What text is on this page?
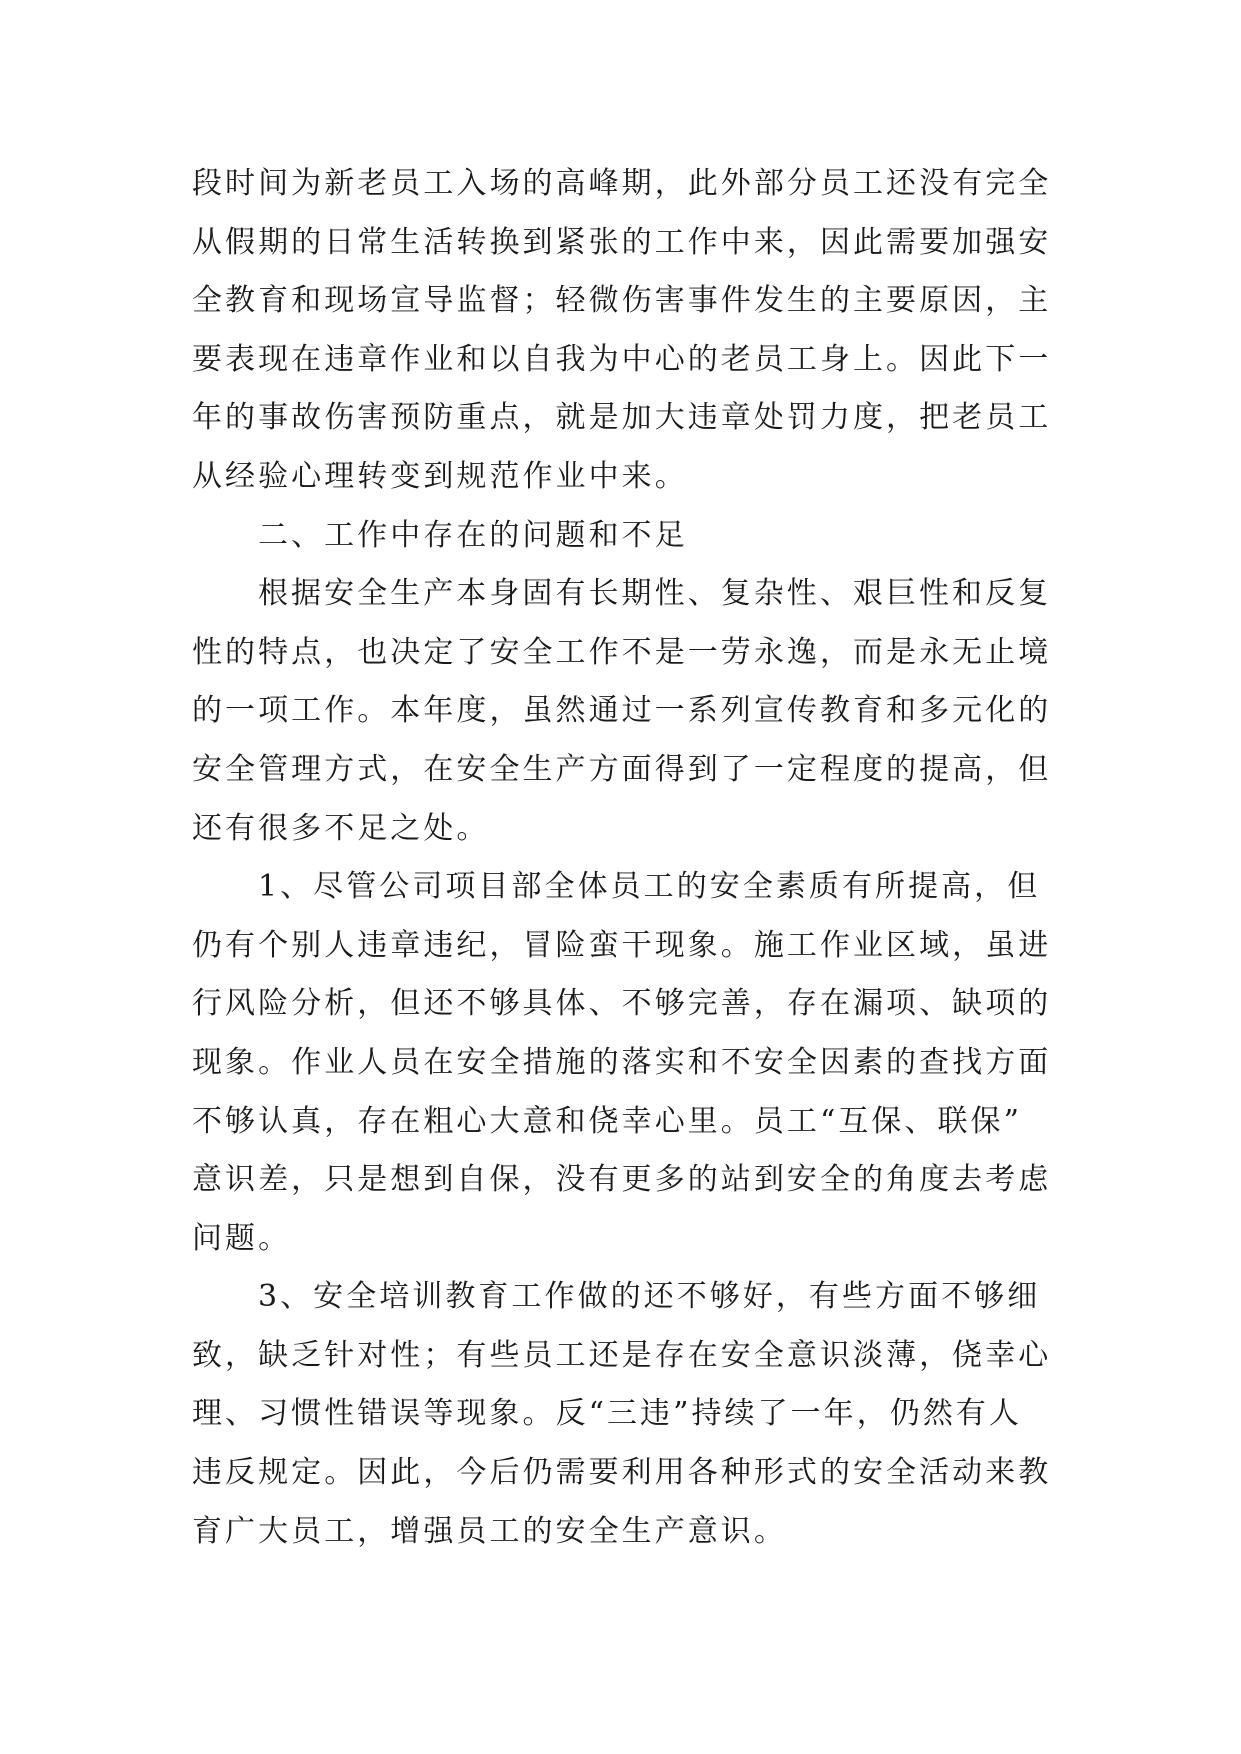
段时间为新老员工入场的高峰期，此外部分员工还没有完全
从假期的日常生活转换到紧张的工作中来，因此需要加强安
全教育和现场宣导监督；轻微伤害事件发生的主要原因，主
要表现在违章作业和以自我为中心的老员工身上。因此下一
年的事故伤害预防重点，就是加大违章处罚力度，把老员工
从经验心理转变到规范作业中来。
二、工作中存在的问题和不足
根据安全生产本身固有长期性、复杂性、艰巨性和反复
性的特点，也决定了安全工作不是一劳永逸，而是永无止境
的一项工作。本年度，虽然通过一系列宣传教育和多元化的
安全管理方式，在安全生产方面得到了一定程度的提高，但
还有很多不足之处。
1、尽管公司项目部全体员工的安全素质有所提高，但
仍有个别人违章违纪，冒险蛮干现象。施工作业区域，虽进
行风险分析，但还不够具体、不够完善，存在漏项、缺项的
现象。作业人员在安全措施的落实和不安全因素的查找方面
不够认真，存在粗心大意和侥幸心里。员工“互保、联保”
意识差，只是想到自保，没有更多的站到安全的角度去考虑
问题。
3、安全培训教育工作做的还不够好，有些方面不够细
致，缺乏针对性；有些员工还是存在安全意识淡薄，侥幸心
理、习惯性错误等现象。反“三违”持续了一年，仍然有人
违反规定。因此，今后仍需要利用各种形式的安全活动来教
育广大员工，增强员工的安全生产意识。
